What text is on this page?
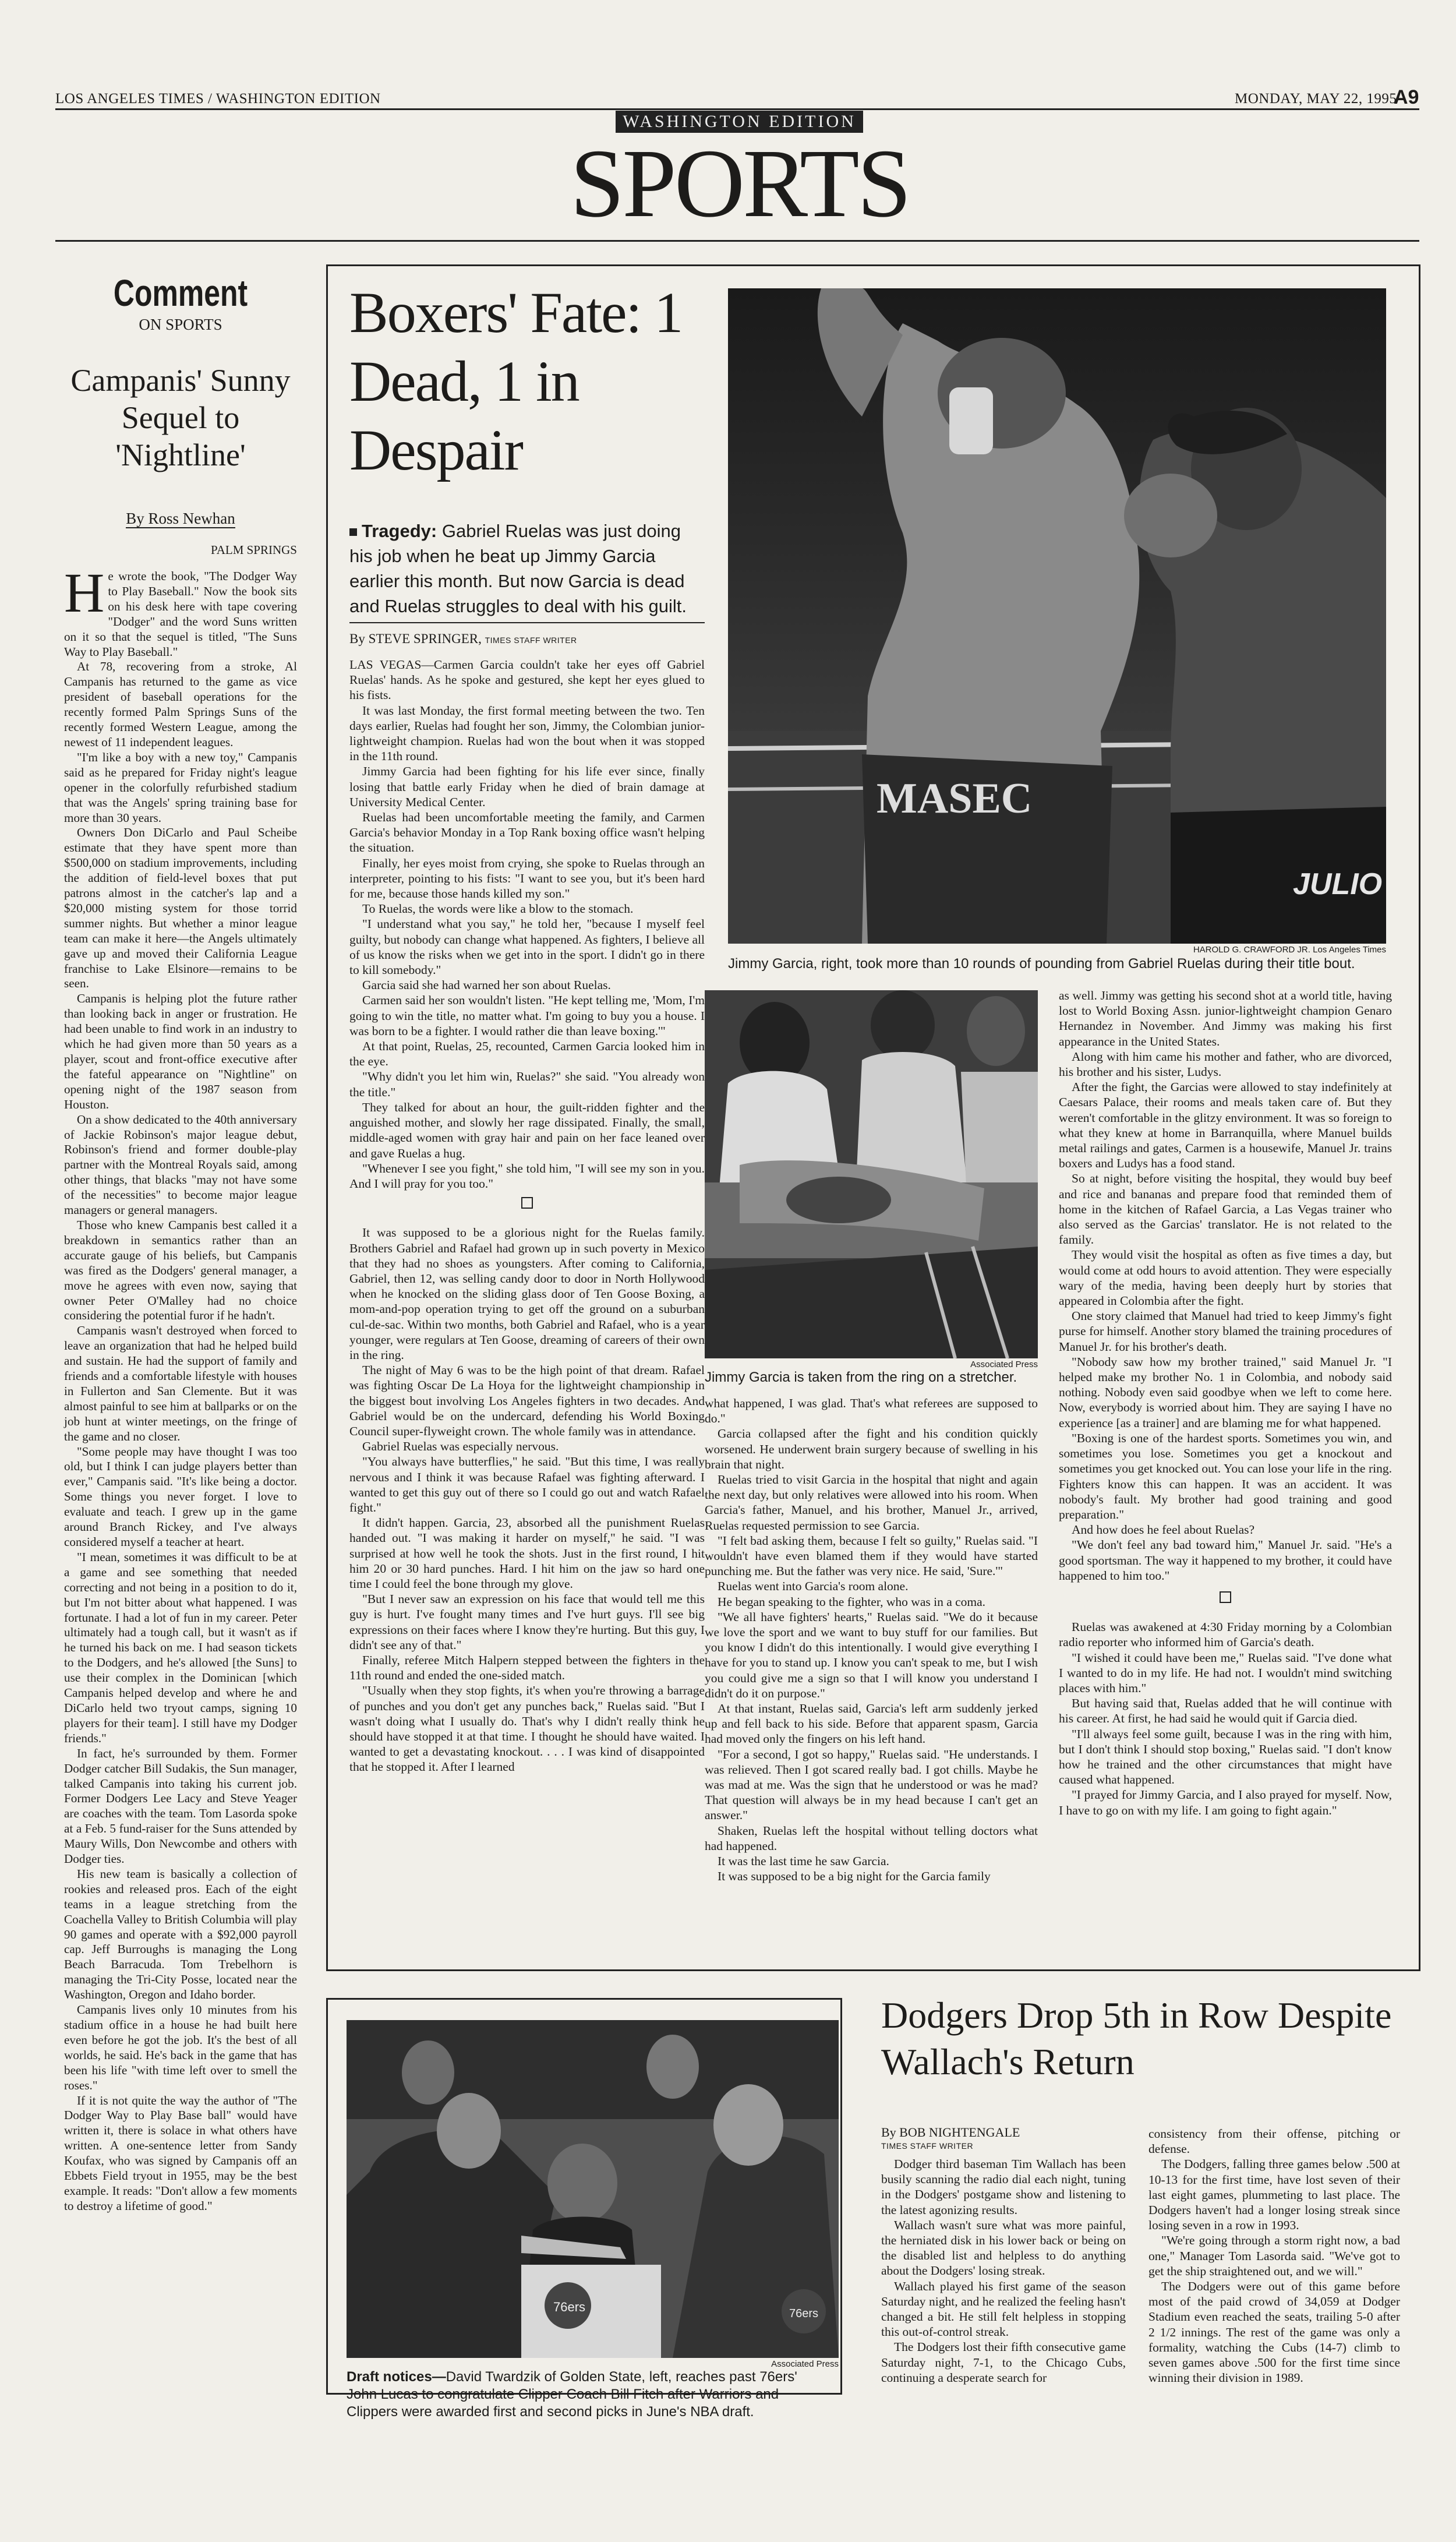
LOS ANGELES TIMES / WASHINGTON EDITION	MONDAY, MAY 22, 1995
A9
WASHINGTON EDITION
SPORTS
Comment
ON SPORTS
Campanis' Sunny Sequel to 'Nightline'
By Ross Newhan
PALM SPRINGS

He wrote the book, "The Dodger Way to Play Baseball." Now the book sits on his desk here with tape covering "Dodger" and the word Suns written on it so that the sequel is titled, "The Suns Way to Play Baseball."

At 78, recovering from a stroke, Al Campanis has returned to the game as vice president of baseball operations for the recently formed Palm Springs Suns of the recently formed Western League, among the newest of 11 independent leagues.

"I'm like a boy with a new toy," Campanis said as he prepared for Friday night's league opener in the colorfully refurbished stadium that was the Angels' spring training base for more than 30 years.

Owners Don DiCarlo and Paul Scheibe estimate that they have spent more than $500,000 on stadium improvements, including the addition of field-level boxes that put patrons almost in the catcher's lap and a $20,000 misting system for those torrid summer nights. But whether a minor league team can make it here—the Angels ultimately gave up and moved their California League franchise to Lake Elsinore—remains to be seen.

Campanis is helping plot the future rather than looking back in anger or frustration. He had been unable to find work in an industry to which he had given more than 50 years as a player, scout and front-office executive after the fateful appearance on "Nightline" on opening night of the 1987 season from Houston.

On a show dedicated to the 40th anniversary of Jackie Robinson's major league debut, Robinson's friend and former double-play partner with the Montreal Royals said, among other things, that blacks "may not have some of the necessities" to become major league managers or general managers.

Those who knew Campanis best called it a breakdown in semantics rather than an accurate gauge of his beliefs, but Campanis was fired as the Dodgers' general manager, a move he agrees with even now, saying that owner Peter O'Malley had no choice considering the potential furor if he hadn't.

Campanis wasn't destroyed when forced to leave an organization that had he helped build and sustain. He had the support of family and friends and a comfortable lifestyle with houses in Fullerton and San Clemente. But it was almost painful to see him at ballparks or on the job hunt at winter meetings, on the fringe of the game and no closer.

"Some people may have thought I was too old, but I think I can judge players better than ever," Campanis said. "It's like being a doctor. Some things you never forget. I love to evaluate and teach. I grew up in the game around Branch Rickey, and I've always considered myself a teacher at heart.

"I mean, sometimes it was difficult to be at a game and see something that needed correcting and not being in a position to do it, but I'm not bitter about what happened. I was fortunate. I had a lot of fun in my career. Peter ultimately had a tough call, but it wasn't as if he turned his back on me. I had season tickets to the Dodgers, and he's allowed [the Suns] to use their complex in the Dominican [which Campanis helped develop and where he and DiCarlo held two tryout camps, signing 10 players for their team]. I still have my Dodger friends."

In fact, he's surrounded by them. Former Dodger catcher Bill Sudakis, the Sun manager, talked Campanis into taking his current job. Former Dodgers Lee Lacy and Steve Yeager are coaches with the team. Tom Lasorda spoke at a Feb. 5 fund-raiser for the Suns attended by Maury Wills, Don Newcombe and others with Dodger ties.

His new team is basically a collection of rookies and released pros. Each of the eight teams in a league stretching from the Coachella Valley to British Columbia will play 90 games and operate with a $92,000 payroll cap. Jeff Burroughs is managing the Long Beach Barracuda. Tom Trebelhorn is managing the Tri-City Posse, located near the Washington, Oregon and Idaho border.

Campanis lives only 10 minutes from his stadium office in a house he had built here even before he got the job. It's the best of all worlds, he said. He's back in the game that has been his life "with time left over to smell the roses."

If it is not quite the way the author of "The Dodger Way to Play Base ball" would have written it, there is solace in what others have written. A one-sentence letter from Sandy Koufax, who was signed by Campanis off an Ebbets Field tryout in 1955, may be the best example. It reads: "Don't allow a few moments to destroy a lifetime of good."

Boxers' Fate: 1 Dead, 1 in Despair
Tragedy: Gabriel Ruelas was just doing his job when he beat up Jimmy Garcia earlier this month. But now Garcia is dead and Ruelas struggles to deal with his guilt.
By STEVE SPRINGER, TIMES STAFF WRITER

LAS VEGAS—Carmen Garcia couldn't take her eyes off Gabriel Ruelas' hands. As he spoke and gestured, she kept her eyes glued to his fists.

It was last Monday, the first formal meeting between the two. Ten days earlier, Ruelas had fought her son, Jimmy, the Colombian junior-lightweight champion. Ruelas had won the bout when it was stopped in the 11th round.

Jimmy Garcia had been fighting for his life ever since, finally losing that battle early Friday when he died of brain damage at University Medical Center.

Ruelas had been uncomfortable meeting the family, and Carmen Garcia's behavior Monday in a Top Rank boxing office wasn't helping the situation.

Finally, her eyes moist from crying, she spoke to Ruelas through an interpreter, pointing to his fists: "I want to see you, but it's been hard for me, because those hands killed my son."

To Ruelas, the words were like a blow to the stomach.

"I understand what you say," he told her, "because I myself feel guilty, but nobody can change what happened. As fighters, I believe all of us know the risks when we get into in the sport. I didn't go in there to kill somebody."

Garcia said she had warned her son about Ruelas.

Carmen said her son wouldn't listen. "He kept telling me, 'Mom, I'm going to win the title, no matter what. I'm going to buy you a house. I was born to be a fighter. I would rather die than leave boxing.'"

At that point, Ruelas, 25, recounted, Carmen Garcia looked him in the eye.

"Why didn't you let him win, Ruelas?" she said. "You already won the title."

They talked for about an hour, the guilt-ridden fighter and the anguished mother, and slowly her rage dissipated. Finally, the small, middle-aged women with gray hair and pain on her face leaned over and gave Ruelas a hug.

"Whenever I see you fight," she told him, "I will see my son in you. And I will pray for you too."

It was supposed to be a glorious night for the Ruelas family. Brothers Gabriel and Rafael had grown up in such poverty in Mexico that they had no shoes as youngsters. After coming to California, Gabriel, then 12, was selling candy door to door in North Hollywood when he knocked on the sliding glass door of Ten Goose Boxing, a mom-and-pop operation trying to get off the ground on a suburban cul-de-sac. Within two months, both Gabriel and Rafael, who is a year younger, were regulars at Ten Goose, dreaming of careers of their own in the ring.

The night of May 6 was to be the high point of that dream. Rafael was fighting Oscar De La Hoya for the lightweight championship in the biggest bout involving Los Angeles fighters in two decades. And Gabriel would be on the undercard, defending his World Boxing Council super-flyweight crown. The whole family was in attendance.

Gabriel Ruelas was especially nervous.

"You always have butterflies," he said. "But this time, I was really nervous and I think it was because Rafael was fighting afterward. I wanted to get this guy out of there so I could go out and watch Rafael fight."

It didn't happen. Garcia, 23, absorbed all the punishment Ruelas handed out. "I was making it harder on myself," he said. "I was surprised at how well he took the shots. Just in the first round, I hit him 20 or 30 hard punches. Hard. I hit him on the jaw so hard one time I could feel the bone through my glove.

"But I never saw an expression on his face that would tell me this guy is hurt. I've fought many times and I've hurt guys. I'll see big expressions on their faces where I know they're hurting. But this guy, I didn't see any of that."

Finally, referee Mitch Halpern stepped between the fighters in the 11th round and ended the one-sided match.

"Usually when they stop fights, it's when you're throwing a barrage of punches and you don't get any punches back," Ruelas said. "But I wasn't doing what I usually do. That's why I didn't really think he should have stopped it at that time. I thought he should have waited. I wanted to get a devastating knockout. . . . I was kind of disappointed that he stopped it. After I learned

MASEC
JULIO
HAROLD G. CRAWFORD JR. Los Angeles Times
Jimmy Garcia, right, took more than 10 rounds of pounding from Gabriel Ruelas during their title bout.
Associated Press
Jimmy Garcia is taken from the ring on a stretcher.

what happened, I was glad. That's what referees are supposed to do."

Garcia collapsed after the fight and his condition quickly worsened. He underwent brain surgery because of swelling in his brain that night.

Ruelas tried to visit Garcia in the hospital that night and again the next day, but only relatives were allowed into his room. When Garcia's father, Manuel, and his brother, Manuel Jr., arrived, Ruelas requested permission to see Garcia.

"I felt bad asking them, because I felt so guilty," Ruelas said. "I wouldn't have even blamed them if they would have started punching me. But the father was very nice. He said, 'Sure.'"

Ruelas went into Garcia's room alone.

He began speaking to the fighter, who was in a coma.

"We all have fighters' hearts," Ruelas said. "We do it because we love the sport and we want to buy stuff for our families. But you know I didn't do this intentionally. I would give everything I have for you to stand up. I know you can't speak to me, but I wish you could give me a sign so that I will know you understand I didn't do it on purpose."

At that instant, Ruelas said, Garcia's left arm suddenly jerked up and fell back to his side. Before that apparent spasm, Garcia had moved only the fingers on his left hand.

"For a second, I got so happy," Ruelas said. "He understands. I was relieved. Then I got scared really bad. I got chills. Maybe he was mad at me. Was the sign that he understood or was he mad? That question will always be in my head because I can't get an answer."

Shaken, Ruelas left the hospital without telling doctors what had happened.

It was the last time he saw Garcia.

It was supposed to be a big night for the Garcia family

as well. Jimmy was getting his second shot at a world title, having lost to World Boxing Assn. junior-lightweight champion Genaro Hernandez in November. And Jimmy was making his first appearance in the United States.

Along with him came his mother and father, who are divorced, his brother and his sister, Ludys.

After the fight, the Garcias were allowed to stay indefinitely at Caesars Palace, their rooms and meals taken care of. But they weren't comfortable in the glitzy environment. It was so foreign to what they knew at home in Barranquilla, where Manuel builds metal railings and gates, Carmen is a housewife, Manuel Jr. trains boxers and Ludys has a food stand.

So at night, before visiting the hospital, they would buy beef and rice and bananas and prepare food that reminded them of home in the kitchen of Rafael Garcia, a Las Vegas trainer who also served as the Garcias' translator. He is not related to the family.

They would visit the hospital as often as five times a day, but would come at odd hours to avoid attention. They were especially wary of the media, having been deeply hurt by stories that appeared in Colombia after the fight.

One story claimed that Manuel had tried to keep Jimmy's fight purse for himself. Another story blamed the training procedures of Manuel Jr. for his brother's death.

"Nobody saw how my brother trained," said Manuel Jr. "I helped make my brother No. 1 in Colombia, and nobody said nothing. Nobody even said goodbye when we left to come here. Now, everybody is worried about him. They are saying I have no experience [as a trainer] and are blaming me for what happened.

"Boxing is one of the hardest sports. Sometimes you win, and sometimes you lose. Sometimes you get a knockout and sometimes you get knocked out. You can lose your life in the ring. Fighters know this can happen. It was an accident. It was nobody's fault. My brother had good training and good preparation."

And how does he feel about Ruelas?

"We don't feel any bad toward him," Manuel Jr. said. "He's a good sportsman. The way it happened to my brother, it could have happened to him too."

Ruelas was awakened at 4:30 Friday morning by a Colombian radio reporter who informed him of Garcia's death.

"I wished it could have been me," Ruelas said. "I've done what I wanted to do in my life. He had not. I wouldn't mind switching places with him."

But having said that, Ruelas added that he will continue with his career. At first, he had said he would quit if Garcia died.

"I'll always feel some guilt, because I was in the ring with him, but I don't think I should stop boxing," Ruelas said. "I don't know how he trained and the other circumstances that might have caused what happened.

"I prayed for Jimmy Garcia, and I also prayed for myself. Now, I have to go on with my life. I am going to fight again."

76ers	76ers
Associated Press
Draft notices—David Twardzik of Golden State, left, reaches past 76ers' John Lucas to congratulate Clipper Coach Bill Fitch after Warriors and Clippers were awarded first and second picks in June's NBA draft.
Dodgers Drop 5th in Row Despite Wallach's Return
By BOB NIGHTENGALE
TIMES STAFF WRITER

Dodger third baseman Tim Wallach has been busily scanning the radio dial each night, tuning in the Dodgers' postgame show and listening to the latest agonizing results.

Wallach wasn't sure what was more painful, the herniated disk in his lower back or being on the disabled list and helpless to do anything about the Dodgers' losing streak.

Wallach played his first game of the season Saturday night, and he realized the feeling hasn't changed a bit. He still felt helpless in stopping this out-of-control streak.

The Dodgers lost their fifth consecutive game Saturday night, 7-1, to the Chicago Cubs, continuing a desperate search for

consistency from their offense, pitching or defense.

The Dodgers, falling three games below .500 at 10-13 for the first time, have lost seven of their last eight games, plummeting to last place. The Dodgers haven't had a longer losing streak since losing seven in a row in 1993.

"We're going through a storm right now, a bad one," Manager Tom Lasorda said. "We've got to get the ship straightened out, and we will."

The Dodgers were out of this game before most of the paid crowd of 34,059 at Dodger Stadium even reached the seats, trailing 5-0 after 2 1/2 innings. The rest of the game was only a formality, watching the Cubs (14-7) climb to seven games above .500 for the first time since winning their division in 1989.
